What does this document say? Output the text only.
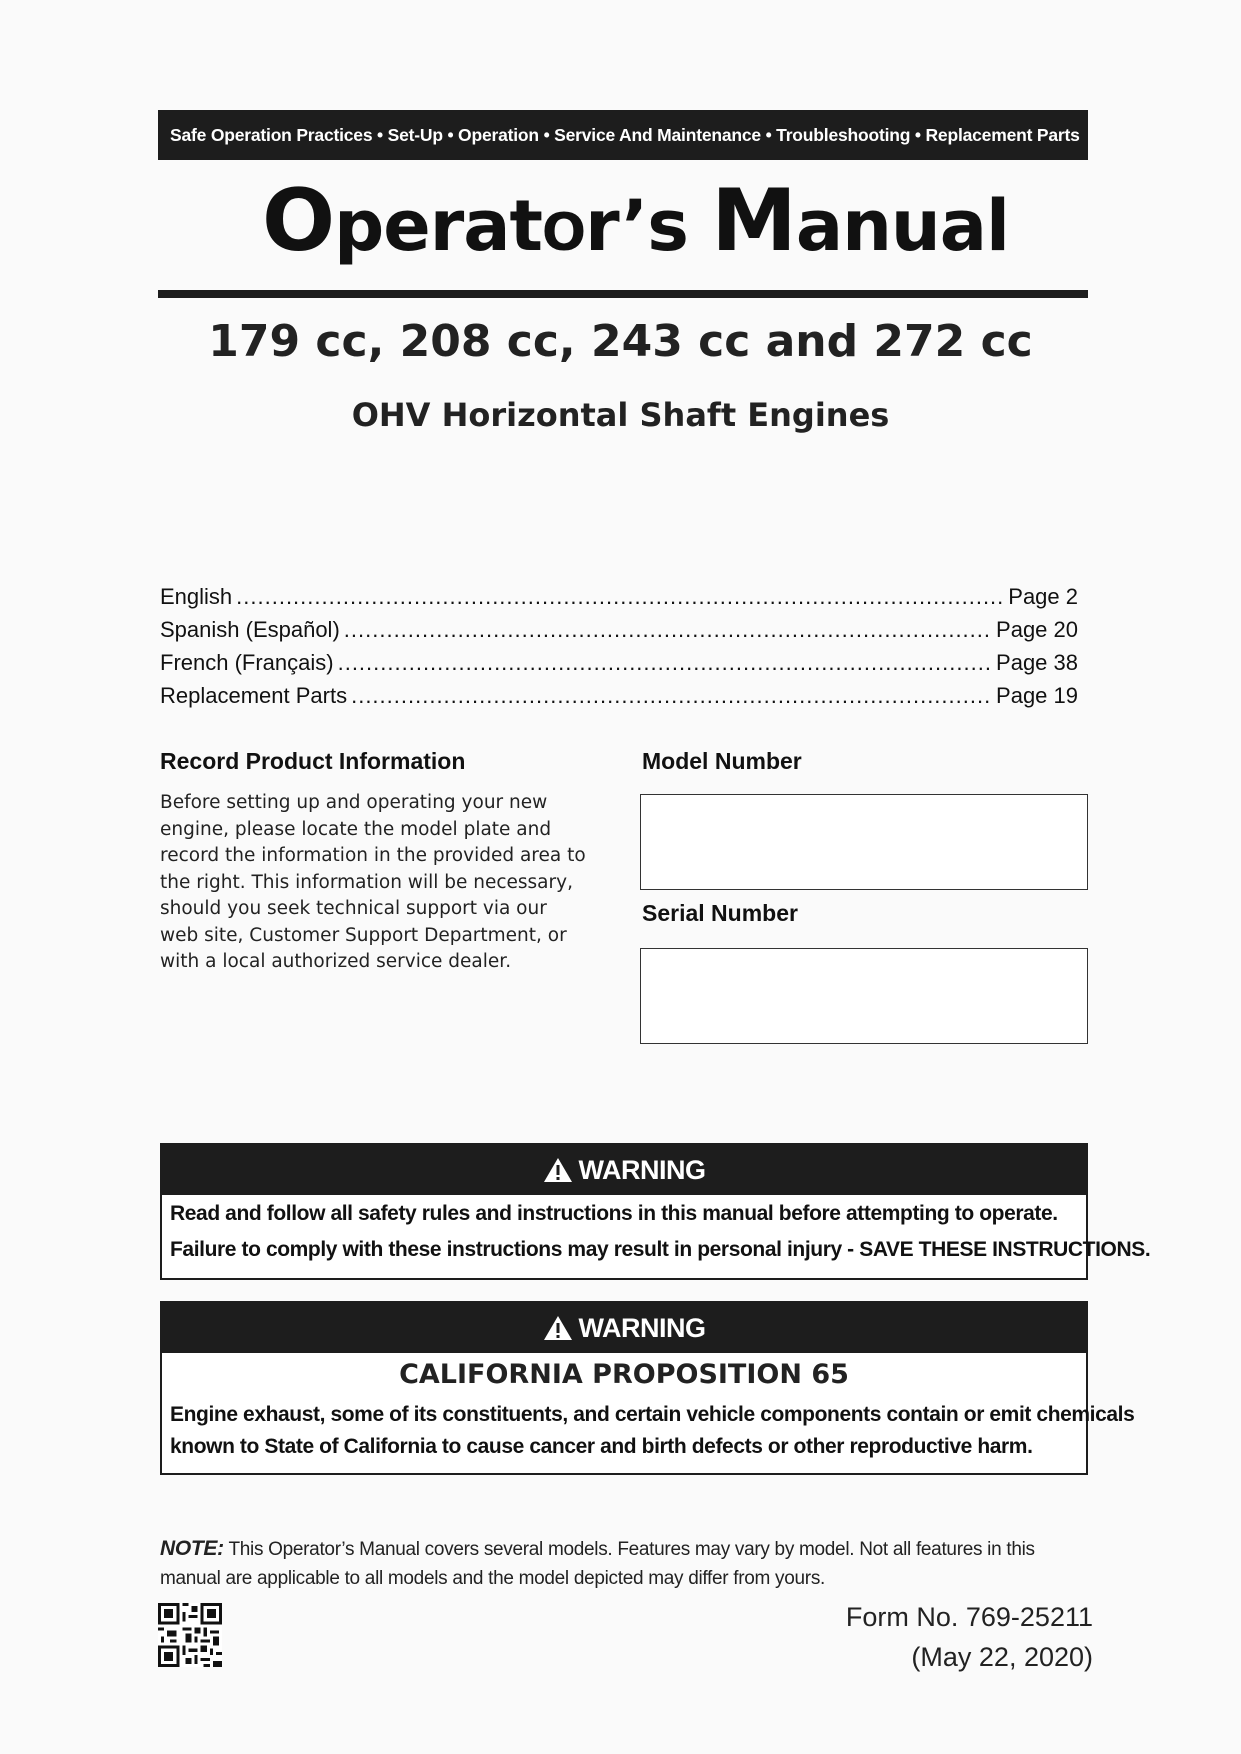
Safe Operation Practices • Set-Up • Operation • Service And Maintenance • Troubleshooting • Replacement Parts
OperatOr’s Manual
179 cc, 208 cc, 243 cc and 272 cc
OHV Horizontal Shaft Engines
English .....	Page 2
Spanish (Español) .....	Page 20
French (Français) .....	Page 38
Replacement Parts .....	Page 19
Record Product Information
Before setting up and operating your new engine, please locate the model plate and record the information in the provided area to the right. This information will be necessary, should you seek technical support via our web site, Customer Support Department, or with a local authorized service dealer.
Model Number
Serial Number
WARNING
Read and follow all safety rules and instructions in this manual before attempting to operate.
Failure to comply with these instructions may result in personal injury - SAVE THESE INSTRUCTIONS.
WARNING
CALIFORNIA PROPOSITION 65
Engine exhaust, some of its constituents, and certain vehicle components contain or emit chemicals
known to State of California to cause cancer and birth defects or other reproductive harm.
NOTE: This Operator’s Manual covers several models. Features may vary by model. Not all features in this manual are applicable to all models and the model depicted may differ from yours.
Form No. 769-25211
(May 22, 2020)
